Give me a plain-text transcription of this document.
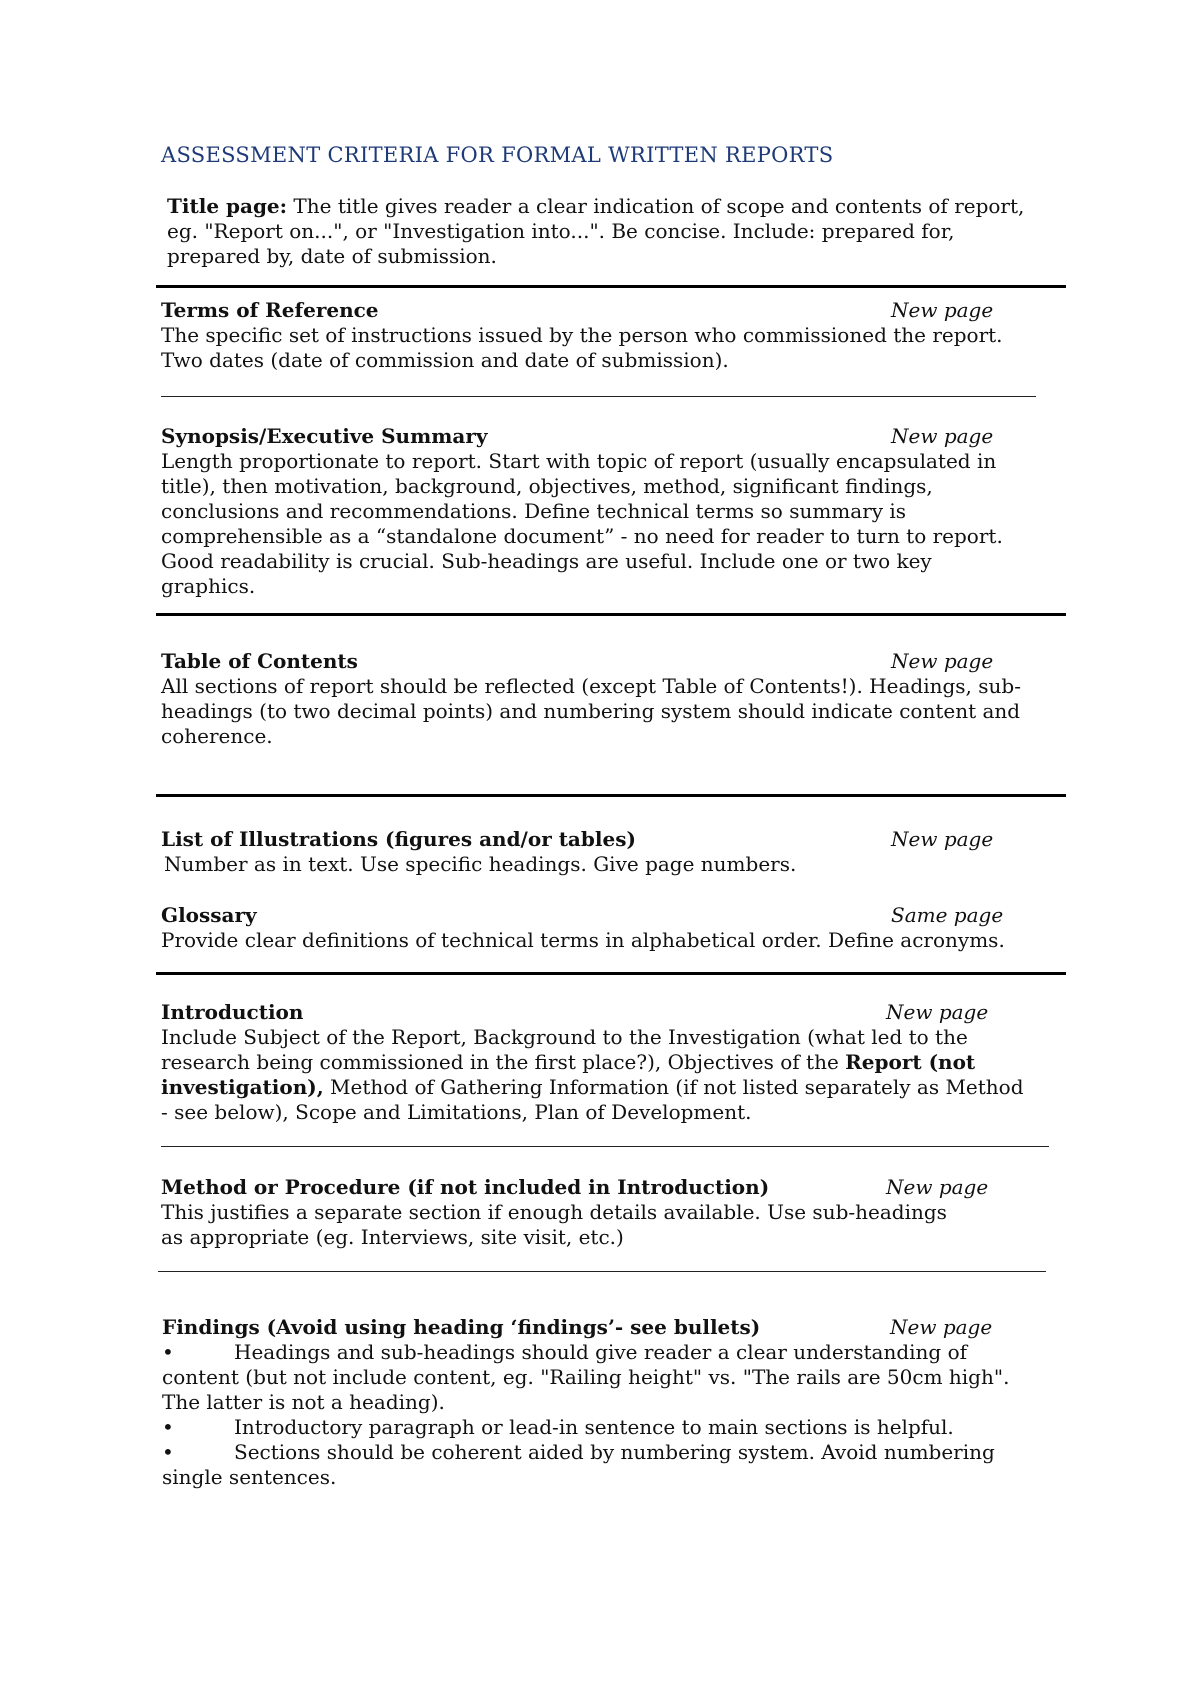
ASSESSMENT CRITERIA FOR FORMAL WRITTEN REPORTS
Title page: The title gives reader a clear indication of scope and contents of report, eg. "Report on...", or "Investigation into...". Be concise. Include: prepared for, prepared by, date of submission.
Terms of Reference	New page

The specific set of instructions issued by the person who commissioned the report. Two dates (date of commission and date of submission).

Synopsis/Executive Summary	New page

Length proportionate to report. Start with topic of report (usually encapsulated in title), then motivation, background, objectives, method, significant findings, conclusions and recommendations. Define technical terms so summary is comprehensible as a “standalone document” - no need for reader to turn to report. Good readability is crucial. Sub-headings are useful. Include one or two key graphics.

Table of Contents	New page

All sections of report should be reflected (except Table of Contents!). Headings, sub-headings (to two decimal points) and numbering system should indicate content and coherence.

List of Illustrations (figures and/or tables)	New page

Number as in text. Use specific headings. Give page numbers.

Glossary	Same page

Provide clear definitions of technical terms in alphabetical order. Define acronyms.

Introduction	New page

Include Subject of the Report, Background to the Investigation (what led to the research being commissioned in the first place?), Objectives of the Report (not investigation), Method of Gathering Information (if not listed separately as Method - see below), Scope and Limitations, Plan of Development.

Method or Procedure (if not included in Introduction)	New page

This justifies a separate section if enough details available. Use sub-headings as appropriate (eg. Interviews, site visit, etc.)

Findings (Avoid using heading ‘findings’- see bullets)	New page
•	Headings and sub-headings should give reader a clear understanding of content (but not include content, eg. "Railing height" vs. "The rails are 50cm high". The latter is not a heading).
•	Introductory paragraph or lead-in sentence to main sections is helpful.
•	Sections should be coherent aided by numbering system. Avoid numbering single sentences.
